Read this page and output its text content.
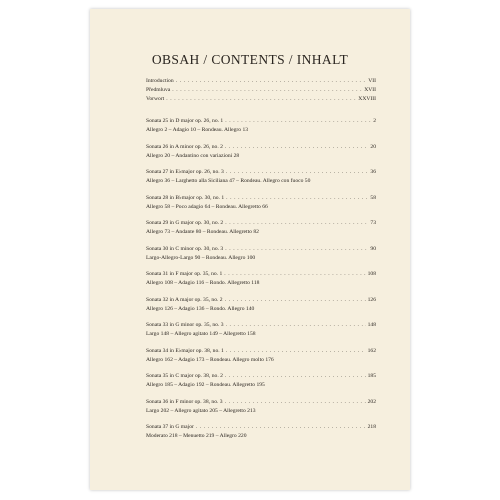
OBSAH / CONTENTS / INHALT
Introduction . . .	VII
Předmluva . . .	XVII
Vorwort . . .	XXVIII
Sonata 25 in D major op. 26, no. 1 . . .	2
Allegro 2 – Adagio 10 – Rondeau. Allegro 13
Sonata 26 in A minor op. 26, no. 2 . . .	20
Allegro 20 – Andantino con variazioni 28
Sonata 27 in E♭major op. 26, no. 3 . . .	36
Allegro 36 – Larghetto alla Siciliana 47 – Rondeau. Allegro con fuoco 50
Sonata 28 in B♭major op. 30, no. 1 . . .	58
Allegro 58 – Poco adagio 64 – Rondeau. Allegretto 66
Sonata 29 in G major op. 30, no. 2 . . .	73
Allegro 73 – Andante 80 – Rondeau. Allegretto 82
Sonata 30 in C minor op. 30, no. 3 . . .	90
Largo-Allegro-Largo 90 – Rondeau. Allegro 100
Sonata 31 in F major op. 35, no. 1 . . .	108
Allegro 108 – Adagio 116 – Rondo. Allegretto 118
Sonata 32 in A major op. 35, no. 2 . . .	126
Allegro 126 – Adagio 136 – Rondo. Allegro 140
Sonata 33 in G minor op. 35, no. 3 . . .	148
Largo 148 – Allegro agitato 149 – Allegretto 158
Sonata 34 in E♭major op. 38, no. 1 . . .	162
Allegro 162 – Adagio 173 – Rondeau. Allegro molto 176
Sonata 35 in C major op. 38, no. 2 . . .	185
Allegro 185 – Adagio 192 – Rondeau. Allegretto 195
Sonata 36 in F minor op. 38, no. 3 . . .	202
Largo 202 – Allegro agitato 205 – Allegretto 213
Sonata 37 in G major . . .	218
Moderato 218 – Menuetto 219 – Allegro 220
